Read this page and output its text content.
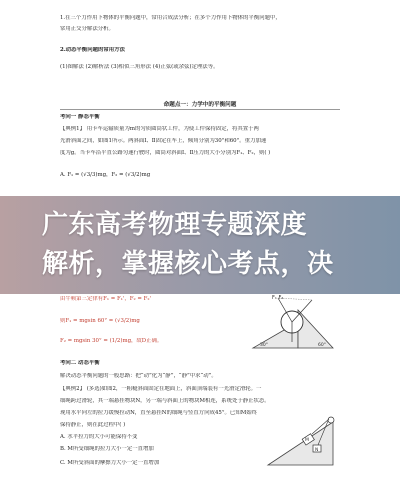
1.在三个力作用下物体的平衡问题中，常用合成法分析；在多个力作用下物体的平衡问题中，
常用正交分解法分析。
2.动态平衡问题的常用方法
(1)图解法 (2)解析法 (3)相似三角形法 (4)正弦(或余弦)定理法等。
命题点一：力学中的平衡问题
考向一 静态平衡
【典例1】 用卡车运输质量为m的匀质圆筒状工件，为使工件保持固定，将其置于两
光滑斜面之间，如图1所示。两斜面Ⅰ、Ⅱ固定在车上，倾角分别为30°和60°。重力加速
度为g。当卡车沿平直公路匀速行驶时，圆筒对斜面Ⅰ、Ⅱ压力的大小分别为F₁、F₂，则( )
A. F₁ = (√3/3)mg，F₂ = (√3/2)mg
由牛顿第三定律有F₁ = F₁'，F₂ = F₂'
则F₁ = mgsin 60° = (√3/2)mg
F₂ = mgsin 30° = (1/2)mg，故D正确。
F₁ F₂
30°	60°
考向二 动态平衡
解决动态平衡问题的一般思路：把“动”化为“静”，“静”中求“动”。
【典例2】 (多选)如图2，一粗糙斜面固定在地面上，斜面顶端装有一光滑定滑轮。一
细绳跨过滑轮，其一端悬挂物块N，另一端与斜面上的物块M相连，系统处于静止状态。
现用水平向左的拉力缓慢拉动N，直至悬挂N的细绳与竖直方向成45°。已知M始终
保持静止，则在此过程中( )
A. 水平拉力的大小可能保持不变
B. M所受细绳的拉力大小一定一直增加
C. M所受斜面的摩擦力大小一定一直增加
M
N
广东高考物理专题深度
解析，掌握核心考点，决
